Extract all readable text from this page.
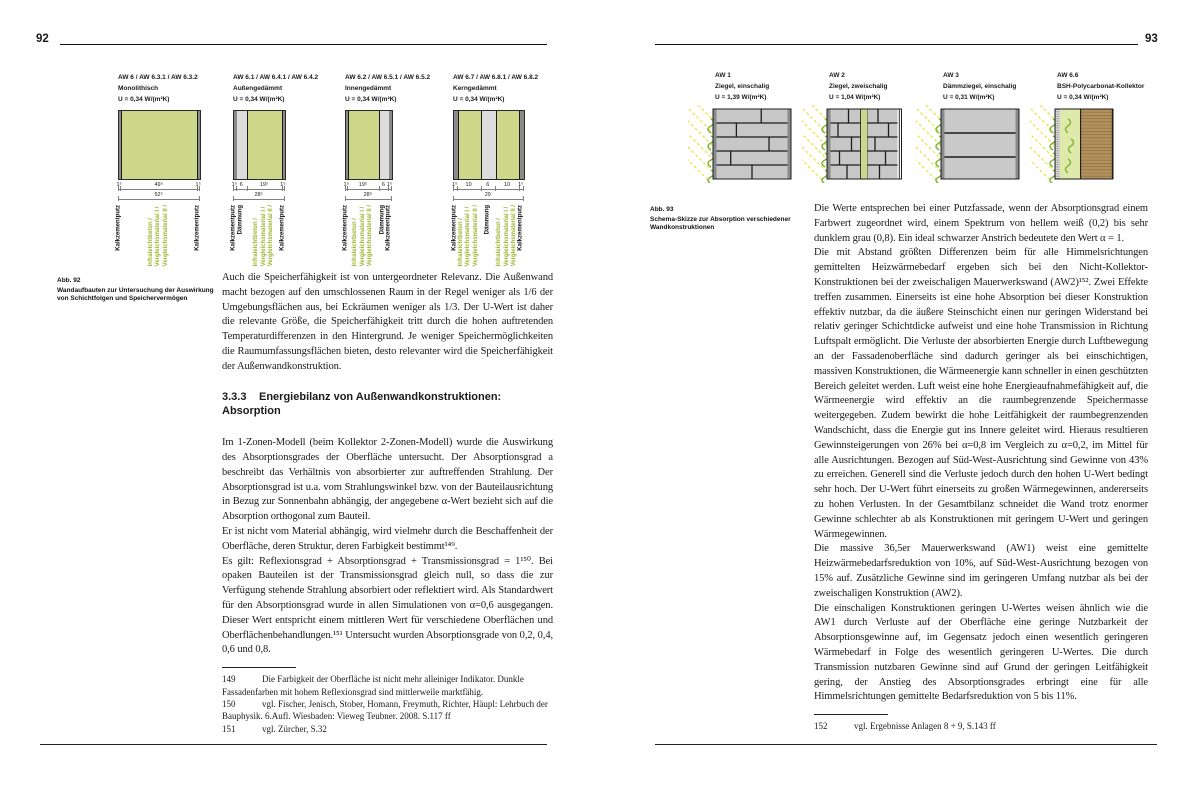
92
AW 6 / AW 6.3.1 / AW 6.3.2
Monolithisch
U = 0,34 W/(m²K)
1⁵	49⁵	1⁵
52⁵
Kalkzementputz	Infraleichtbeton / Vergleichsmaterial I / Vergleichsmaterial II /	Kalkzementputz
AW 6.1 / AW 6.4.1 / AW 6.4.2
Außengedämmt
U = 0,34 W/(m²K)
1⁵ 6	19⁵ 1⁵
28⁵
Kalkzementputz Dämmung Infraleichtbeton / Vergleichsmaterial I / Vergleichsmaterial II / Kalkzementputz
AW 6.2 / AW 6.5.1 / AW 6.5.2
Innengedämmt
U = 0,34 W/(m²K)
1⁵ 19⁵	6 1⁵
28⁵
Kalkzementputz Infraleichtbeton / Vergleichsmaterial I / Vergleichsmaterial II / Dämmung Kalkzementputz
AW 6.7 / AW 6.8.1 / AW 6.8.2
Kerngedämmt
U = 0,34 W/(m²K)
1⁵ 10	6	10 1⁵
29
Kalkzementputz Infraleichtbeton / Vergleichsmaterial I / Vergleichsmaterial II / Dämmung Infraleichtbeton / Vergleichsmaterial I / Vergleichsmaterial II / Kalkzementputz
Abb. 92
Wandaufbauten zur Untersuchung der Auswirkung von Schichtfolgen und Speichervermögen

Auch die Speicherfähigkeit ist von untergeordneter Relevanz. Die Außenwand macht bezogen auf den umschlossenen Raum in der Regel weniger als 1/6 der Umgebungsflächen aus, bei Eckräumen weniger als 1/3. Der U-Wert ist daher die relevante Größe, die Speicherfähigkeit tritt durch die hohen auftretenden Temperaturdifferenzen in den Hintergrund. Je weniger Speichermöglichkeiten die Raumumfassungsflächen bieten, desto relevanter wird die Speicherfähigkeit der Außenwandkonstruktion.

3.3.3 Energiebilanz von Außenwandkonstruktionen: Absorption

Im 1-Zonen-Modell (beim Kollektor 2-Zonen-Modell) wurde die Auswirkung des Absorptionsgrades der Oberfläche untersucht. Der Absorptionsgrad a beschreibt das Verhältnis von absorbierter zur auftreffenden Strahlung. Der Absorptionsgrad ist u.a. vom Strahlungswinkel bzw. von der Bauteilausrichtung in Bezug zur Sonnenbahn abhängig, der angegebene α-Wert bezieht sich auf die Absorption orthogonal zum Bauteil.

Er ist nicht vom Material abhängig, wird vielmehr durch die Beschaffenheit der Oberfläche, deren Struktur, deren Farbigkeit bestimmt¹⁴⁹.

Es gilt: Reflexionsgrad + Absorptionsgrad + Transmissionsgrad = 1¹⁵⁰. Bei opaken Bauteilen ist der Transmissionsgrad gleich null, so dass die zur Verfügung stehende Strahlung absorbiert oder reflektiert wird. Als Standardwert für den Absorptionsgrad wurde in allen Simulationen von α=0,6 ausgegangen. Dieser Wert entspricht einem mittleren Wert für verschiedene Oberflächen und Oberflächenbehandlungen.¹⁵¹ Untersucht wurden Absorptionsgrade von 0,2, 0,4, 0,6 und 0,8.

149	Die Farbigkeit der Oberfläche ist nicht mehr alleiniger Indikator. Dunkle Fassadenfarben mit hohem Reflexionsgrad sind mittlerweile marktfähig.
150	vgl. Fischer, Jenisch, Stober, Homann, Freymuth, Richter, Häupl: Lehrbuch der Bauphysik. 6.Aufl. Wiesbaden: Vieweg Teubner. 2008. S.117 ff
151	vgl. Zürcher, S.32
93
AW 1
Ziegel, einschalig
U = 1,39 W/(m²K)
AW 2
Ziegel, zweischalig
U = 1,04 W/(m²K)
AW 3
Dämmziegel, einschalig
U = 0,31 W/(m²K)
AW 6.6
BSH-Polycarbonat-Kollektor
U = 0,34 W/(m²K)
Abb. 93
Schema-Skizze zur Absorption verschiedener Wandkonstruktionen

Die Werte entsprechen bei einer Putzfassade, wenn der Absorptionsgrad einem Farbwert zugeordnet wird, einem Spektrum von hellem weiß (0,2) bis sehr dunklem grau (0,8). Ein ideal schwarzer Anstrich bedeutete den Wert α = 1.

Die mit Abstand größten Differenzen beim für alle Himmelsrichtungen gemittelten Heizwärmebedarf ergeben sich bei den Nicht-Kollektor-Konstruktionen bei der zweischaligen Mauerwerkswand (AW2)¹⁵². Zwei Effekte treffen zusammen. Einerseits ist eine hohe Absorption bei dieser Konstruktion effektiv nutzbar, da die äußere Steinschicht einen nur geringen Widerstand bei relativ geringer Schichtdicke aufweist und eine hohe Transmission in Richtung Luftspalt ermöglicht. Die Verluste der absorbierten Energie durch Luftbewegung an der Fassadenoberfläche sind dadurch geringer als bei einschichtigen, massiven Konstruktionen, die Wärmeenergie kann schneller in einen geschützten Bereich geleitet werden. Luft weist eine hohe Energieaufnahmefähigkeit auf, die Wärmeenergie wird effektiv an die raumbegrenzende Speichermasse weitergegeben. Zudem bewirkt die hohe Leitfähigkeit der raumbegrenzenden Wandschicht, dass die Energie gut ins Innere geleitet wird. Hieraus resultieren Gewinnsteigerungen von 26% bei α=0,8 im Vergleich zu α=0,2, im Mittel für alle Ausrichtungen. Bezogen auf Süd-West-Ausrichtung sind Gewinne von 43% zu erreichen. Generell sind die Verluste jedoch durch den hohen U-Wert bedingt sehr hoch. Der U-Wert führt einerseits zu großen Wärmegewinnen, andererseits zu hohen Verlusten. In der Gesamtbilanz schneidet die Wand trotz enormer Gewinne schlechter ab als Konstruktionen mit geringem U-Wert und geringen Wärmegewinnen.

Die massive 36,5er Mauerwerkswand (AW1) weist eine gemittelte Heizwärmebedarfsreduktion von 10%, auf Süd-West-Ausrichtung bezogen von 15% auf. Zusätzliche Gewinne sind im geringeren Umfang nutzbar als bei der zweischaligen Konstruktion (AW2).

Die einschaligen Konstruktionen geringen U-Wertes weisen ähnlich wie die AW1 durch Verluste auf der Oberfläche eine geringe Nutzbarkeit der Absorptionsgewinne auf, im Gegensatz jedoch einen wesentlich geringeren Wärmebedarf in Folge des wesentlich geringeren U-Wertes. Die durch Transmission nutzbaren Gewinne sind auf Grund der geringen Leitfähigkeit gering, der Anstieg des Absorptionsgrades erbringt eine für alle Himmelsrichtungen gemittelte Bedarfsreduktion von 5 bis 11%.

152	vgl. Ergebnisse Anlagen 8 + 9, S.143 ff
